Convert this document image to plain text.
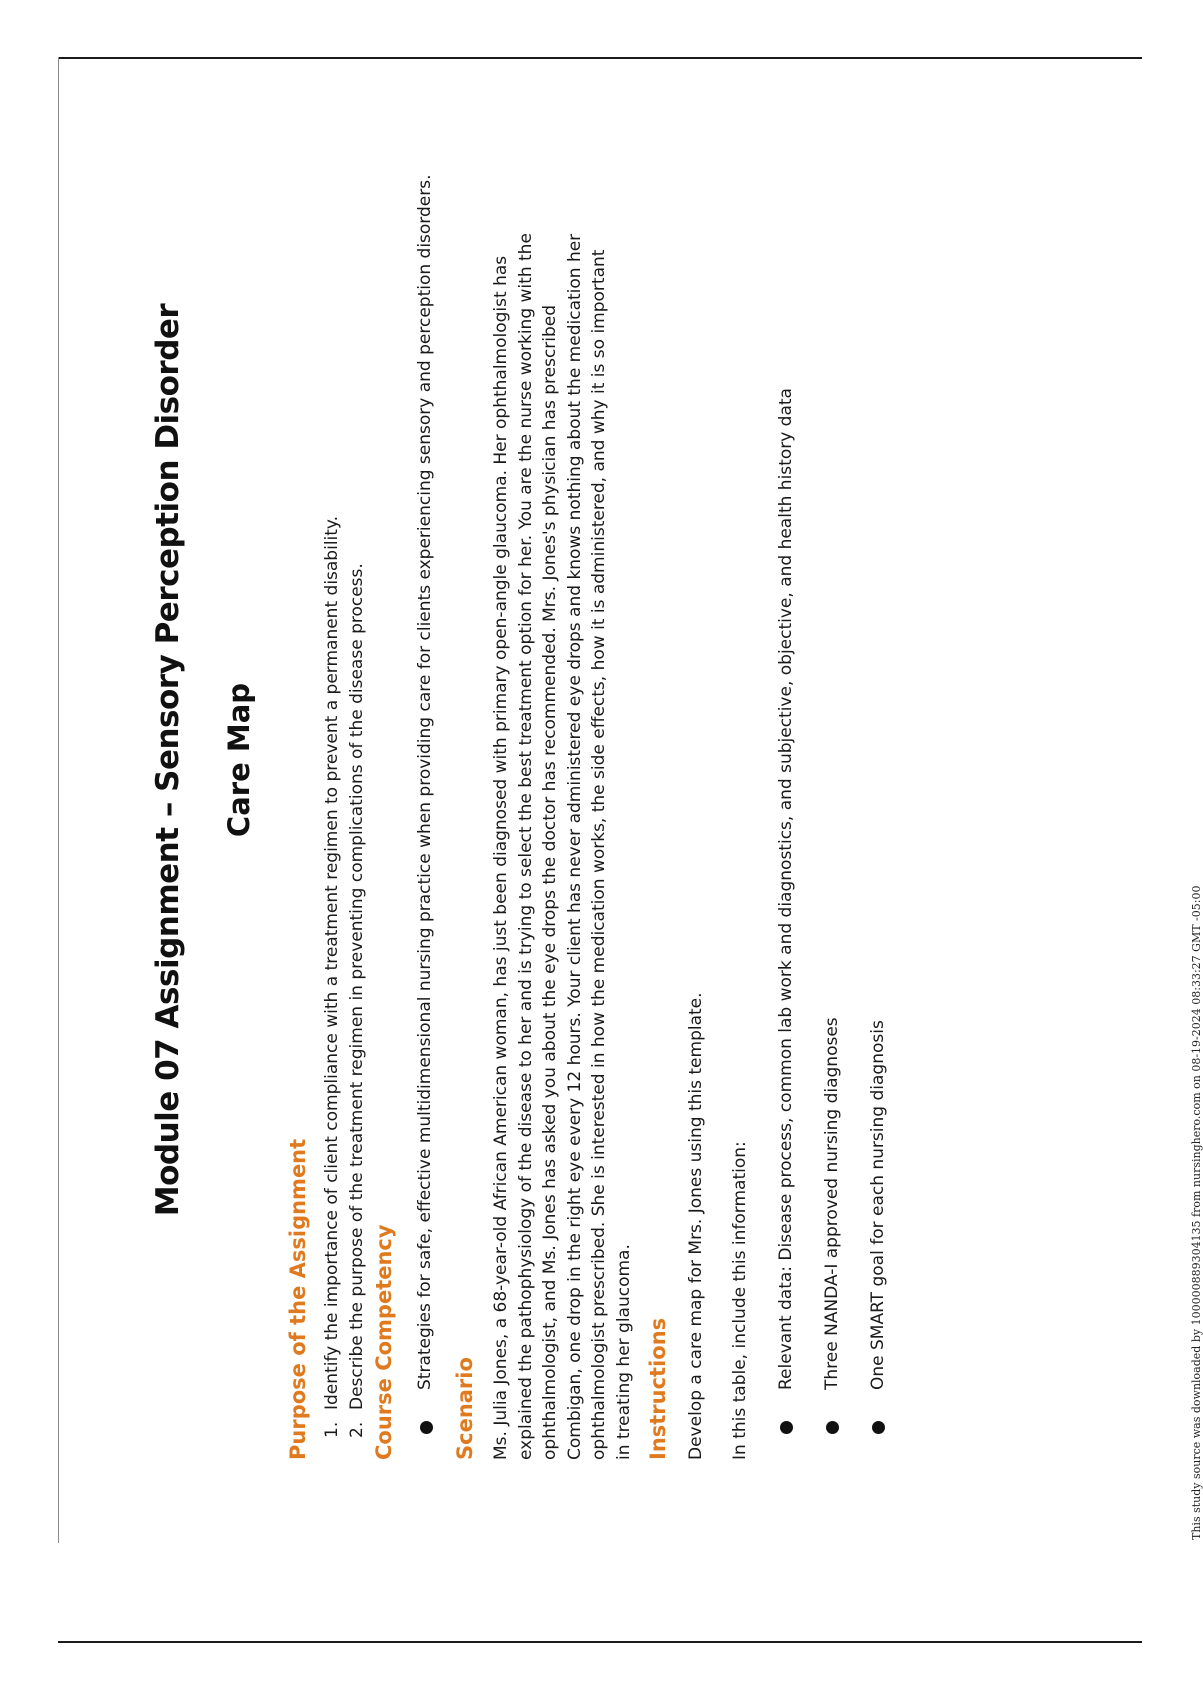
Module 07 Assignment – Sensory Perception Disorder Care Map
Purpose of the Assignment 1.
Identify the importance of client compliance with a treatment regimen to prevent a permanent disability.
2.
Describe the purpose of the treatment regimen in preventing complications of the disease process. Course Competency	Strategies for safe, effective multidimensional nursing practice when providing care for clients experiencing sensory and perception disorders.
Scenario Ms. Julia Jones, a 68-year-old African American woman, has just been diagnosed with primary open-angle glaucoma. Her ophthalmologist has explained the pathophysiology of the disease to her and is trying to select the best treatment option for her. You are the nurse working with the ophthalmologist, and Ms. Jones has asked you about the eye drops the doctor has recommended. Mrs. Jones's physician has prescribed Combigan, one drop in the right eye every 12 hours. Your client has never administered eye drops and knows nothing about the medication her ophthalmologist prescribed. She is interested in how the medication works, the side effects, how it is administered, and why it is so important in treating her glaucoma. Instructions Develop a care map for Mrs. Jones using this template. In this table, include this information: Relevant data: Disease process, common lab work and diagnostics, and subjective, objective, and health history data Three NANDA-I approved nursing diagnoses One SMART goal for each nursing diagnosis	This study source was downloaded by 100000889304135 from nursinghero.com on 08-19-2024 08:33:27 GMT -05:00
